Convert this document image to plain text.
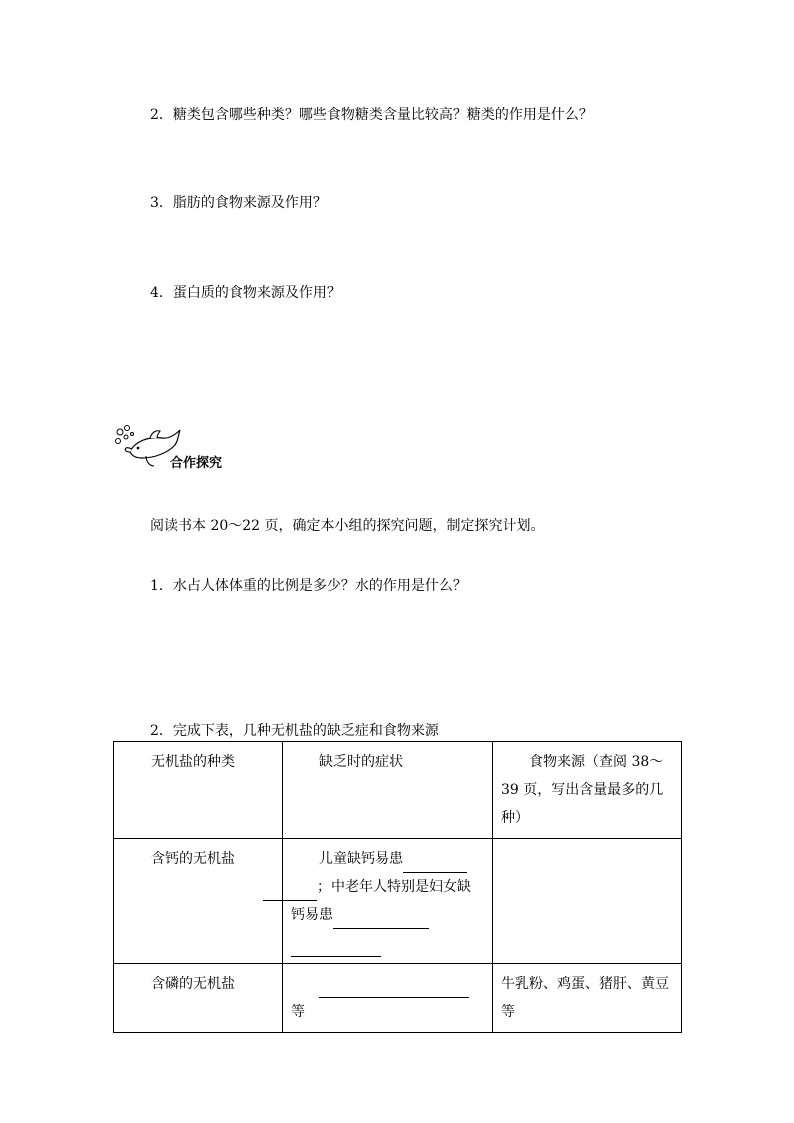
2．糖类包含哪些种类？哪些食物糖类含量比较高？糖类的作用是什么？
3．脂肪的食物来源及作用？
4．蛋白质的食物来源及作用？
合作探究
阅读书本 20～22 页，确定本小组的探究问题，制定探究计划。
1．水占人体体重的比例是多少？水的作用是什么？
2．完成下表，几种无机盐的缺乏症和食物来源
无机盐的种类	缺乏时的症状	食物来源（查阅 38～39 页，写出含量最多的几种）
含钙的无机盐	儿童缺钙易患；中老年人特别是妇女缺钙易患	
含磷的无机盐	等	牛乳粉、鸡蛋、猪肝、黄豆等
